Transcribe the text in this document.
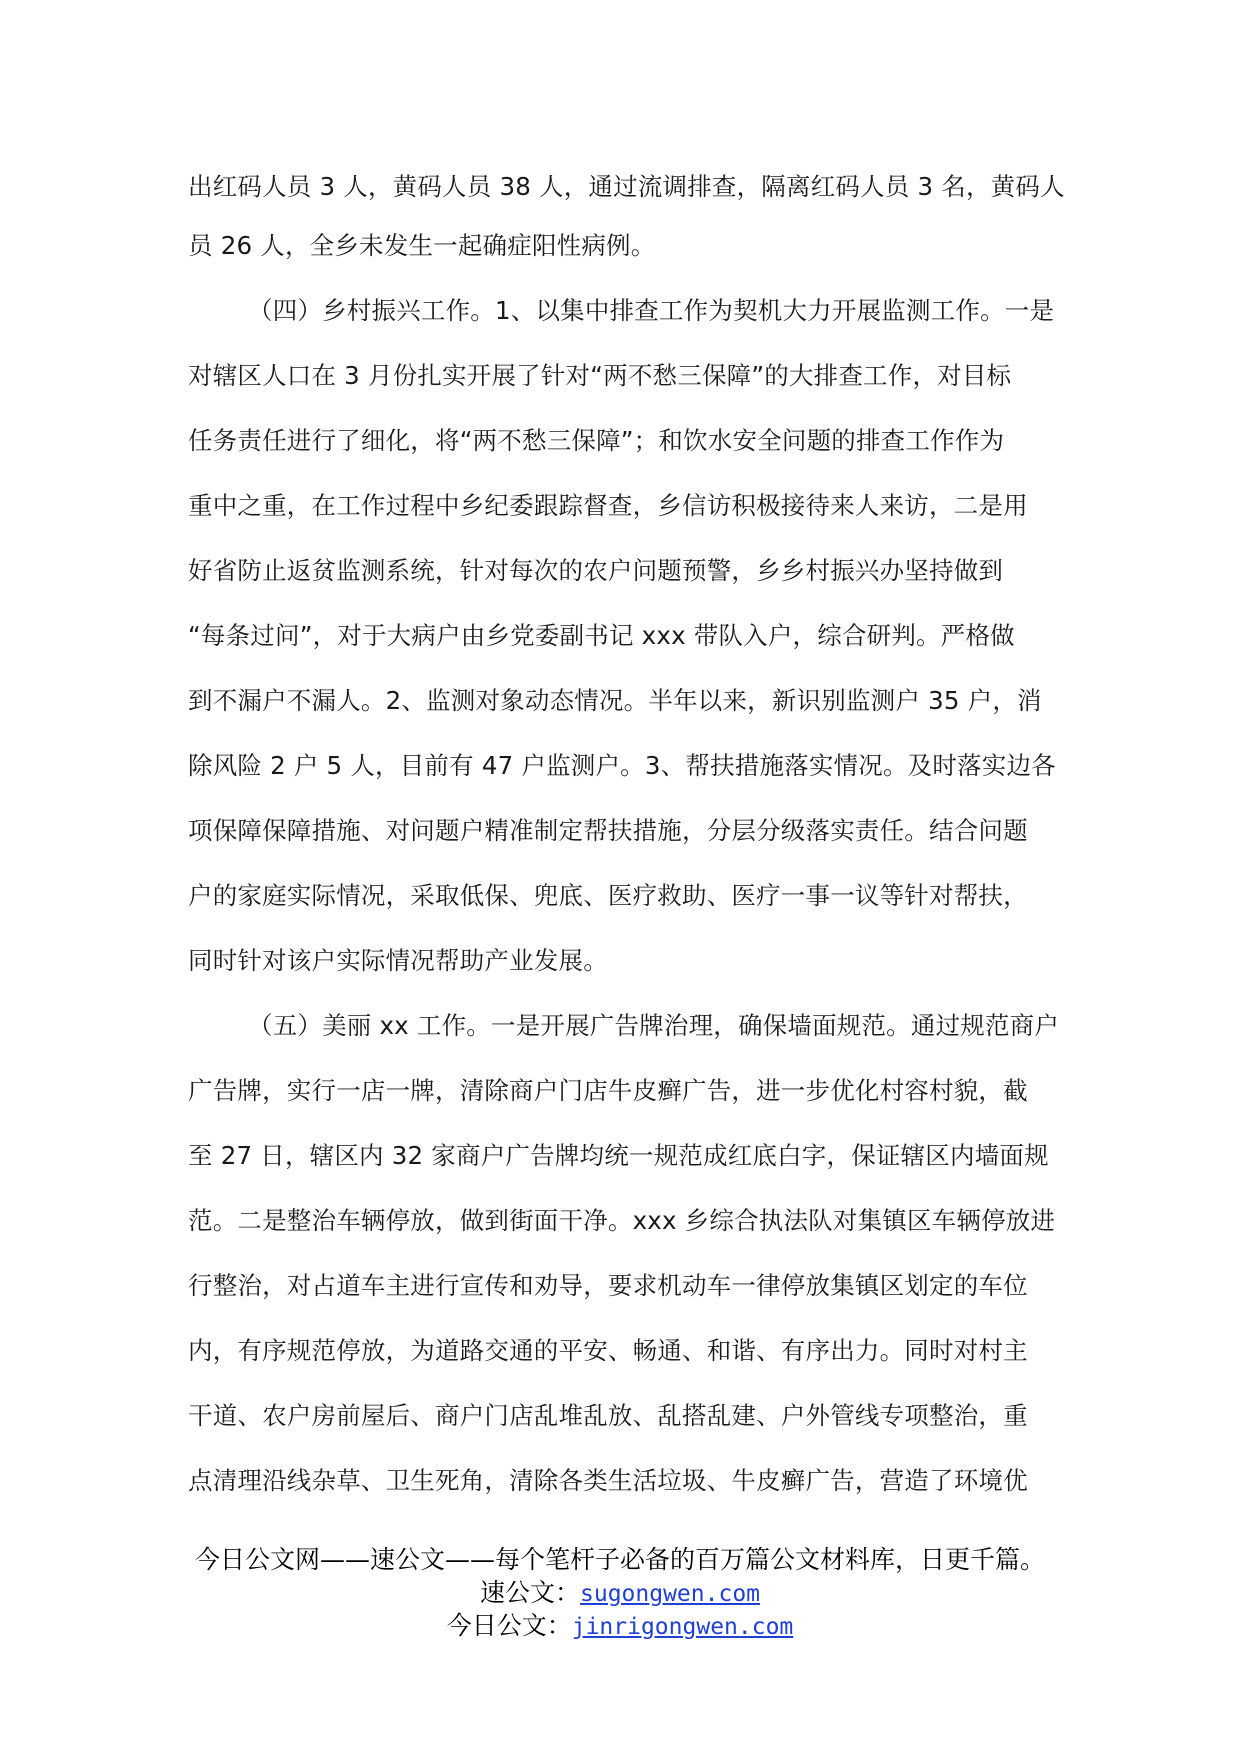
出红码人员 3 人，黄码人员 38 人，通过流调排查，隔离红码人员 3 名，黄码人
员 26 人，全乡未发生一起确症阳性病例。
（四）乡村振兴工作。1、以集中排查工作为契机大力开展监测工作。一是
对辖区人口在 3 月份扎实开展了针对“两不愁三保障”的大排查工作，对目标
任务责任进行了细化，将“两不愁三保障”；和饮水安全问题的排查工作作为
重中之重，在工作过程中乡纪委跟踪督查，乡信访积极接待来人来访，二是用
好省防止返贫监测系统，针对每次的农户问题预警，乡乡村振兴办坚持做到
“每条过问”，对于大病户由乡党委副书记 xxx 带队入户，综合研判。严格做
到不漏户不漏人。2、监测对象动态情况。半年以来，新识别监测户 35 户，消
除风险 2 户 5 人，目前有 47 户监测户。3、帮扶措施落实情况。及时落实边各
项保障保障措施、对问题户精准制定帮扶措施，分层分级落实责任。结合问题
户的家庭实际情况，采取低保、兜底、医疗救助、医疗一事一议等针对帮扶，
同时针对该户实际情况帮助产业发展。
（五）美丽 xx 工作。一是开展广告牌治理，确保墙面规范。通过规范商户
广告牌，实行一店一牌，清除商户门店牛皮癣广告，进一步优化村容村貌，截
至 27 日，辖区内 32 家商户广告牌均统一规范成红底白字，保证辖区内墙面规
范。二是整治车辆停放，做到街面干净。xxx 乡综合执法队对集镇区车辆停放进
行整治，对占道车主进行宣传和劝导，要求机动车一律停放集镇区划定的车位
内，有序规范停放，为道路交通的平安、畅通、和谐、有序出力。同时对村主
干道、农户房前屋后、商户门店乱堆乱放、乱搭乱建、户外管线专项整治，重
点清理沿线杂草、卫生死角，清除各类生活垃圾、牛皮癣广告，营造了环境优
今日公文网——速公文——每个笔杆子必备的百万篇公文材料库，日更千篇。
速公文：sugongwen.com
今日公文：jinrigongwen.com
